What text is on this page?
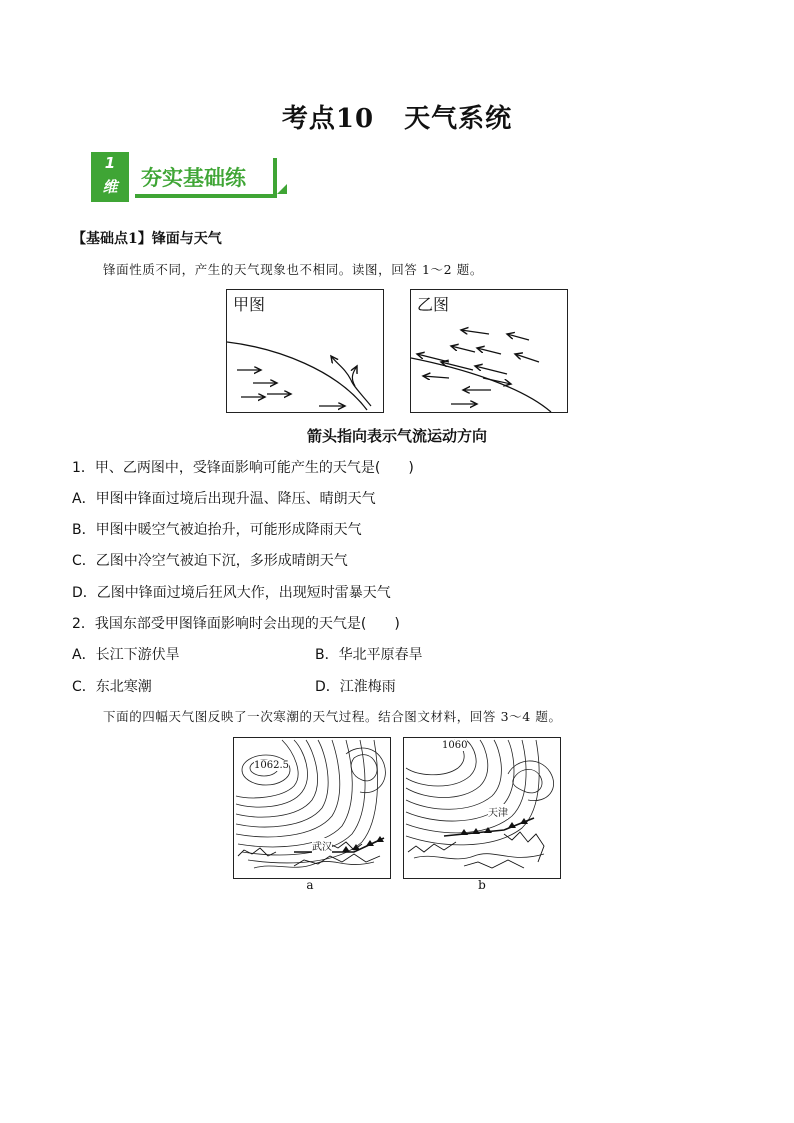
考点10 天气系统
1
维	夯实基础练
【基础点1】锋面与天气
锋面性质不同，产生的天气现象也不相同。读图，回答 1～2 题。
甲图	乙图
箭头指向表示气流运动方向
1．甲、乙两图中，受锋面影响可能产生的天气是(　　)
A．甲图中锋面过境后出现升温、降压、晴朗天气
B．甲图中暖空气被迫抬升，可能形成降雨天气
C．乙图中冷空气被迫下沉，多形成晴朗天气
D．乙图中锋面过境后狂风大作，出现短时雷暴天气
2．我国东部受甲图锋面影响时会出现的天气是(　　)
A．长江下游伏旱	B．华北平原春旱
C．东北寒潮	D．江淮梅雨
下面的四幅天气图反映了一次寒潮的天气过程。结合图文材料，回答 3～4 题。
1062.5
武汉
a
1060
天津
b
